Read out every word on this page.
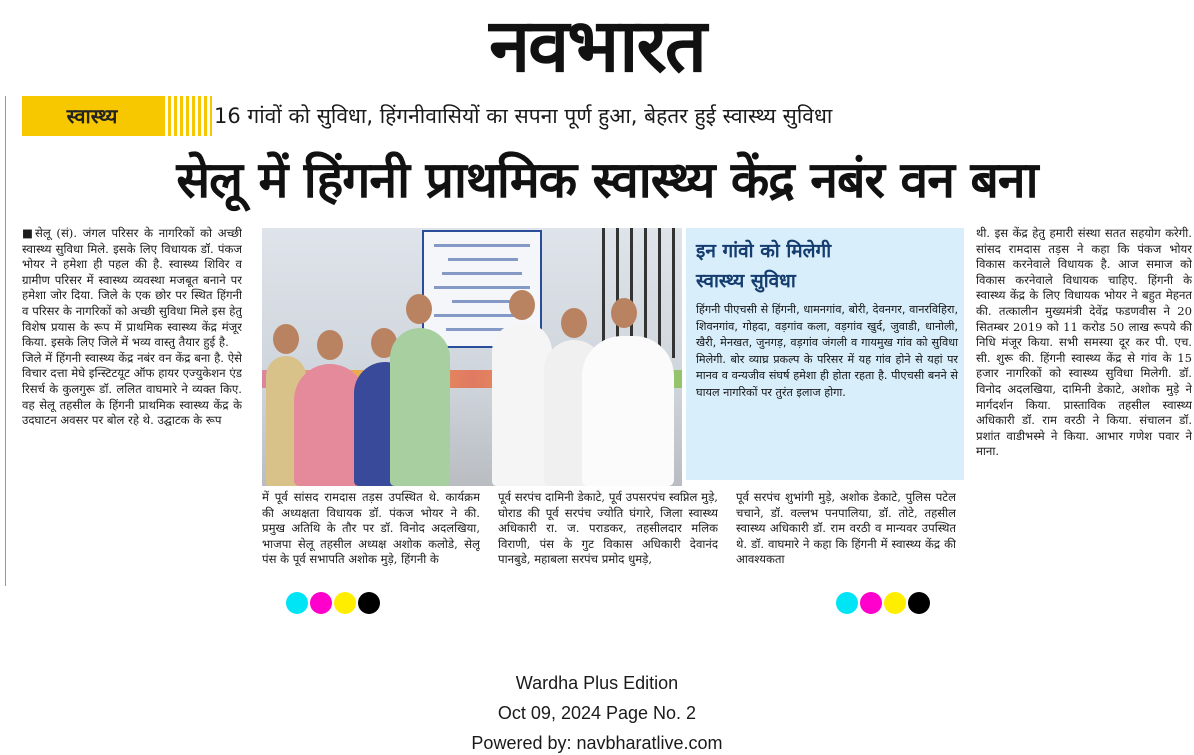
नवभारत
स्वास्थ्य	16 गांवों को सुविधा, हिंगनीवासियों का सपना पूर्ण हुआ, बेहतर हुई स्वास्थ्य सुविधा
सेलू में हिंगनी प्राथमिक स्वास्थ्य केंद्र नबंर वन बना

■सेलू (सं). जंगल परिसर के नागरिकों को अच्छी स्वास्थ्य सुविधा मिले. इसके लिए विधायक डॉ. पंकज भोयर ने हमेशा ही पहल की है. स्वास्थ्य शिविर व ग्रामीण परिसर में स्वास्थ्य व्यवस्था मजबूत बनाने पर हमेशा जोर दिया. जिले के एक छोर पर स्थित हिंगनी व परिसर के नागरिकों को अच्छी सुविधा मिले इस हेतु विशेष प्रयास के रूप में प्राथमिक स्वास्थ्य केंद्र मंजूर किया. इसके लिए जिले में भव्य वास्तु तैयार हुई है.

जिले में हिंगनी स्वास्थ्य केंद्र नबंर वन केंद्र बना है. ऐसे विचार दत्ता मेघे इन्स्टिटयूट ऑफ हायर एज्युकेशन एंड रिसर्च के कुलगुरू डॉ. ललित वाघमारे ने व्यक्त किए. वह सेलू तहसील के हिंगनी प्राथमिक स्वास्थ्य केंद्र के उदघाटन अवसर पर बोल रहे थे. उद्घाटक के रूप

इन गांवो को मिलेगी
स्वास्थ्य सुविधा
हिंगनी पीएचसी से हिंगनी, धामनगांव, बोरी, देवनगर, वानरविहिरा, शिवनगांव, गोहदा, वड़गांव कला, वड़गांव खुर्द, जुवाडी, धानोली, खैरी, मेनखत, जुनगड़, वड़गांव जंगली व गायमुख गांव को सुविधा मिलेगी. बोर व्याघ्र प्रकल्प के परिसर में यह गांव होने से यहां पर मानव व वन्यजीव संघर्ष हमेशा ही होता रहता है. पीएचसी बनने से घायल नागरिकों पर तुरंत इलाज होगा.

में पूर्व सांसद रामदास तड़स उपस्थित थे. कार्यक्रम की अध्यक्षता विधायक डॉ. पंकज भोयर ने की. प्रमुख अतिथि के तौर पर डॉ. विनोद अदलखिया, भाजपा सेलू तहसील अध्यक्ष अशोक कलोडे, सेलू पंस के पूर्व सभापति अशोक मुड़े, हिंगनी के

पूर्व सरपंच दामिनी डेकाटे, पूर्व उपसरपंच स्वप्निल मुड़े, घोराड की पूर्व सरपंच ज्योति घंगारे, जिला स्वास्थ्य अधिकारी रा. ज. पराडकर, तहसीलदार मलिक विराणी, पंस के गुट विकास अधिकारी देवानंद पानबुडे, महाबला सरपंच प्रमोद धुमड़े,

पूर्व सरपंच शुभांगी मुड़े, अशोक डेकाटे, पुलिस पटेल चचाने, डॉ. वल्लभ पनपालिया, डॉ. तोटे, तहसील स्वास्थ्य अधिकारी डॉ. राम वरठी व मान्यवर उपस्थित थे. डॉ. वाघमारे ने कहा कि हिंगनी में स्वास्थ्य केंद्र की आवश्यकता

थी. इस केंद्र हेतु हमारी संस्था सतत सहयोग करेगी. सांसद रामदास तड़स ने कहा कि पंकज भोयर विकास करनेवाले विधायक है. आज समाज को विकास करनेवाले विधायक चाहिए. हिंगनी के स्वास्थ्य केंद्र के लिए विधायक भोयर ने बहुत मेहनत की. तत्कालीन मुख्यमंत्री देवेंद्र फडणवीस ने 20 सितम्बर 2019 को 11 करोड 50 लाख रूपये की निधि मंजूर किया. सभी समस्या दूर कर पी. एच. सी. शुरू की. हिंगनी स्वास्थ्य केंद्र से गांव के 15 हजार नागरिकों को स्वास्थ्य सुविधा मिलेगी. डॉ. विनोद अदलखिया, दामिनी डेकाटे, अशोक मुड़े ने मार्गदर्शन किया. प्रास्ताविक तहसील स्वास्थ्य अधिकारी डॉ. राम वरठी ने किया. संचालन डॉ. प्रशांत वाडीभस्मे ने किया. आभार गणेश पवार ने माना.

Wardha Plus Edition
Oct 09, 2024 Page No. 2
Powered by: navbharatlive.com
